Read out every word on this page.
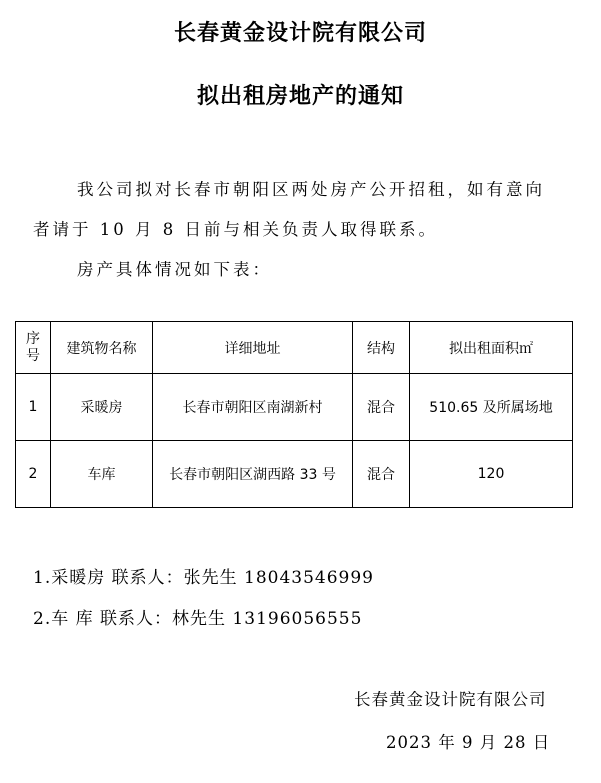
长春黄金设计院有限公司
拟出租房地产的通知
我公司拟对长春市朝阳区两处房产公开招租，如有意向
者请于 10 月 8 日前与相关负责人取得联系。
房产具体情况如下表：
序
号	建筑物名称	详细地址	结构	拟出租面积㎡
1	采暖房	长春市朝阳区南湖新村	混合	510.65 及所属场地
2	车库	长春市朝阳区湖西路 33 号	混合	120
1.采暖房 联系人：张先生 18043546999
2.车 库 联系人：林先生 13196056555
长春黄金设计院有限公司
2023 年 9 月 28 日
